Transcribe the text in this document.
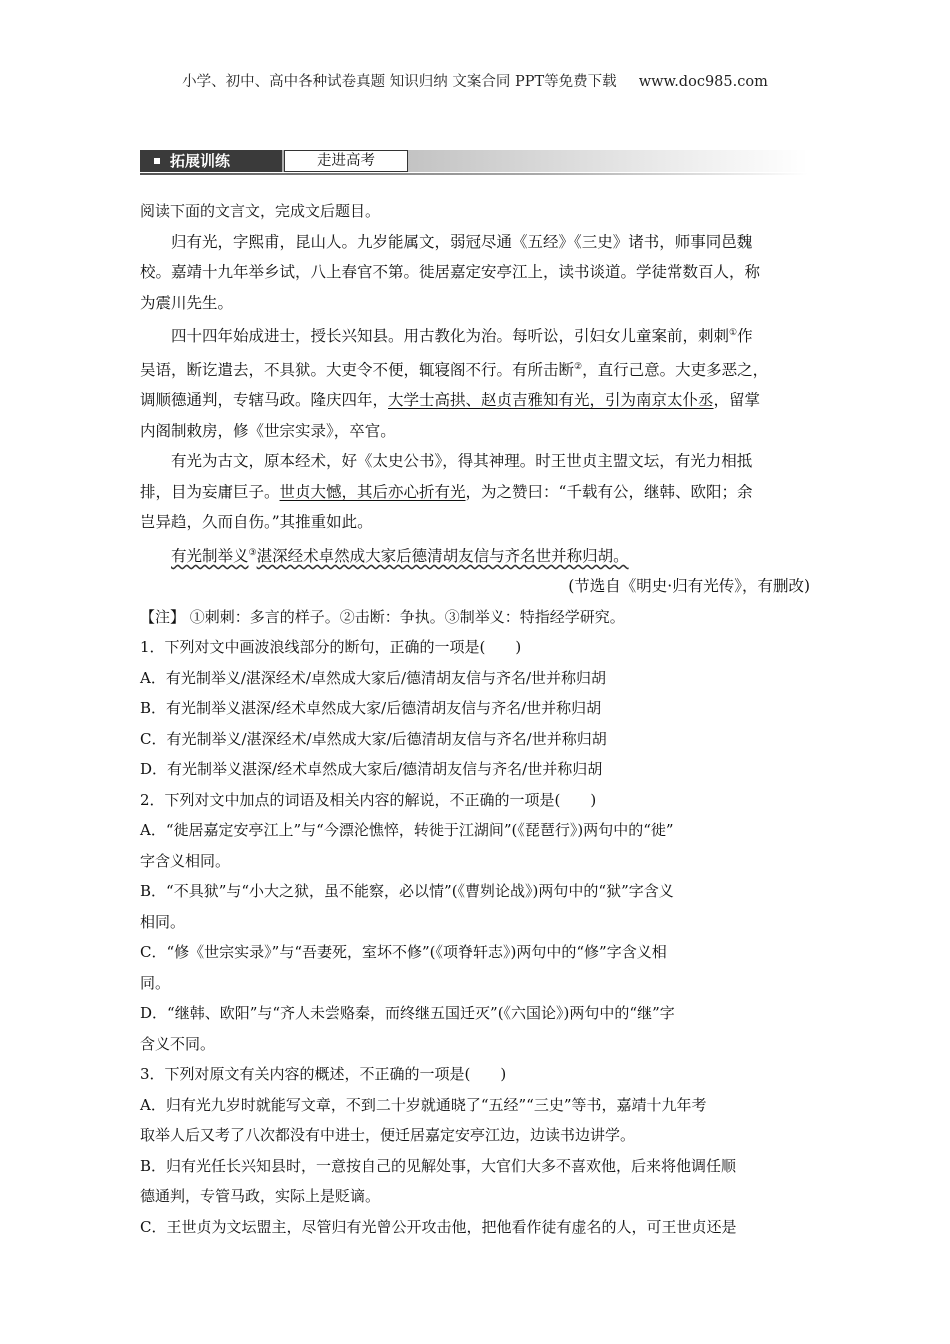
小学、初中、高中各种试卷真题 知识归纳 文案合同 PPT等免费下载 www.doc985.com
拓展训练	走进高考
阅读下面的文言文，完成文后题目。
归有光，字熙甫，昆山人。九岁能属文，弱冠尽通《五经》《三史》诸书，师事同邑魏
校。嘉靖十九年举乡试，八上春官不第。徙居嘉定安亭江上，读书谈道。学徒常数百人，称
为震川先生。
四十四年始成进士，授长兴知县。用古教化为治。每听讼，引妇女儿童案前，刺刺①作
吴语，断讫遣去，不具狱。大吏令不便，辄寝阁不行。有所击断②，直行己意。大吏多恶之，
调顺德通判，专辖马政。隆庆四年，大学士高拱、赵贞吉雅知有光，引为南京太仆丞，留掌
内阁制敕房，修《世宗实录》，卒官。
有光为古文，原本经术，好《太史公书》，得其神理。时王世贞主盟文坛，有光力相抵
排，目为妄庸巨子。世贞大憾，其后亦心折有光，为之赞曰：“千载有公，继韩、欧阳；余
岂异趋，久而自伤。”其推重如此。
有光制举义③湛深经术卓然成大家后德清胡友信与齐名世并称归胡。
(节选自《明史·归有光传》，有删改)
【注】 ①刺刺：多言的样子。②击断：争执。③制举义：特指经学研究。
1．下列对文中画波浪线部分的断句，正确的一项是(　　)
A．有光制举义/湛深经术/卓然成大家后/德清胡友信与齐名/世并称归胡
B．有光制举义湛深/经术卓然成大家/后德清胡友信与齐名/世并称归胡
C．有光制举义/湛深经术/卓然成大家/后德清胡友信与齐名/世并称归胡
D．有光制举义湛深/经术卓然成大家后/德清胡友信与齐名/世并称归胡
2．下列对文中加点的词语及相关内容的解说，不正确的一项是(　　)
A．“徙居嘉定安亭江上”与“今漂沦憔悴，转徙于江湖间”(《琵琶行》)两句中的“徙”
字含义相同。
B．“不具狱”与“小大之狱，虽不能察，必以情”(《曹刿论战》)两句中的“狱”字含义
相同。
C．“修《世宗实录》”与“吾妻死，室坏不修”(《项脊轩志》)两句中的“修”字含义相
同。
D．“继韩、欧阳”与“齐人未尝赂秦，而终继五国迁灭”(《六国论》)两句中的“继”字
含义不同。
3．下列对原文有关内容的概述，不正确的一项是(　　)
A．归有光九岁时就能写文章，不到二十岁就通晓了“五经”“三史”等书，嘉靖十九年考
取举人后又考了八次都没有中进士，便迁居嘉定安亭江边，边读书边讲学。
B．归有光任长兴知县时，一意按自己的见解处事，大官们大多不喜欢他，后来将他调任顺
德通判，专管马政，实际上是贬谪。
C．王世贞为文坛盟主，尽管归有光曾公开攻击他，把他看作徒有虚名的人，可王世贞还是
